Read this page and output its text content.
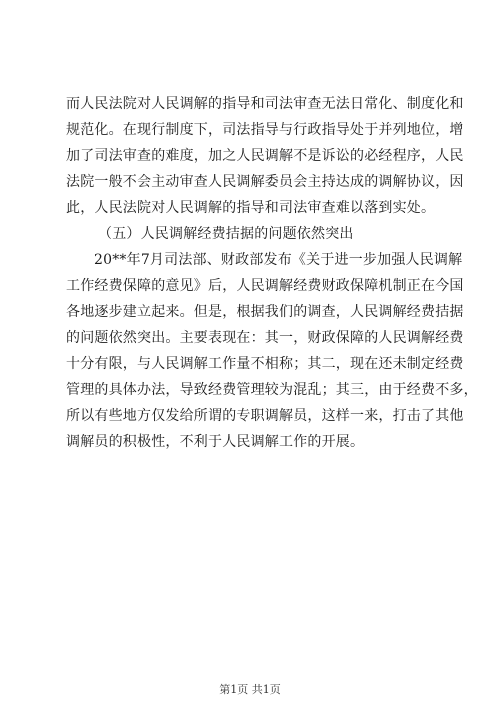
而人民法院对人民调解的指导和司法审查无法日常化、制度化和
规范化。在现行制度下，司法指导与行政指导处于并列地位，增
加了司法审查的难度，加之人民调解不是诉讼的必经程序，人民
法院一般不会主动审查人民调解委员会主持达成的调解协议，因
此，人民法院对人民调解的指导和司法审查难以落到实处。
（五）人民调解经费拮据的问题依然突出
20**年7月司法部、财政部发布《关于进一步加强人民调解
工作经费保障的意见》后，人民调解经费财政保障机制正在今国
各地逐步建立起来。但是，根据我们的调查，人民调解经费拮据
的问题依然突出。主要表现在：其一，财政保障的人民调解经费
十分有限，与人民调解工作量不相称；其二，现在还未制定经费
管理的具体办法，导致经费管理较为混乱；其三，由于经费不多，
所以有些地方仅发给所谓的专职调解员，这样一来，打击了其他
调解员的积极性，不利于人民调解工作的开展。
第1页 共1页
